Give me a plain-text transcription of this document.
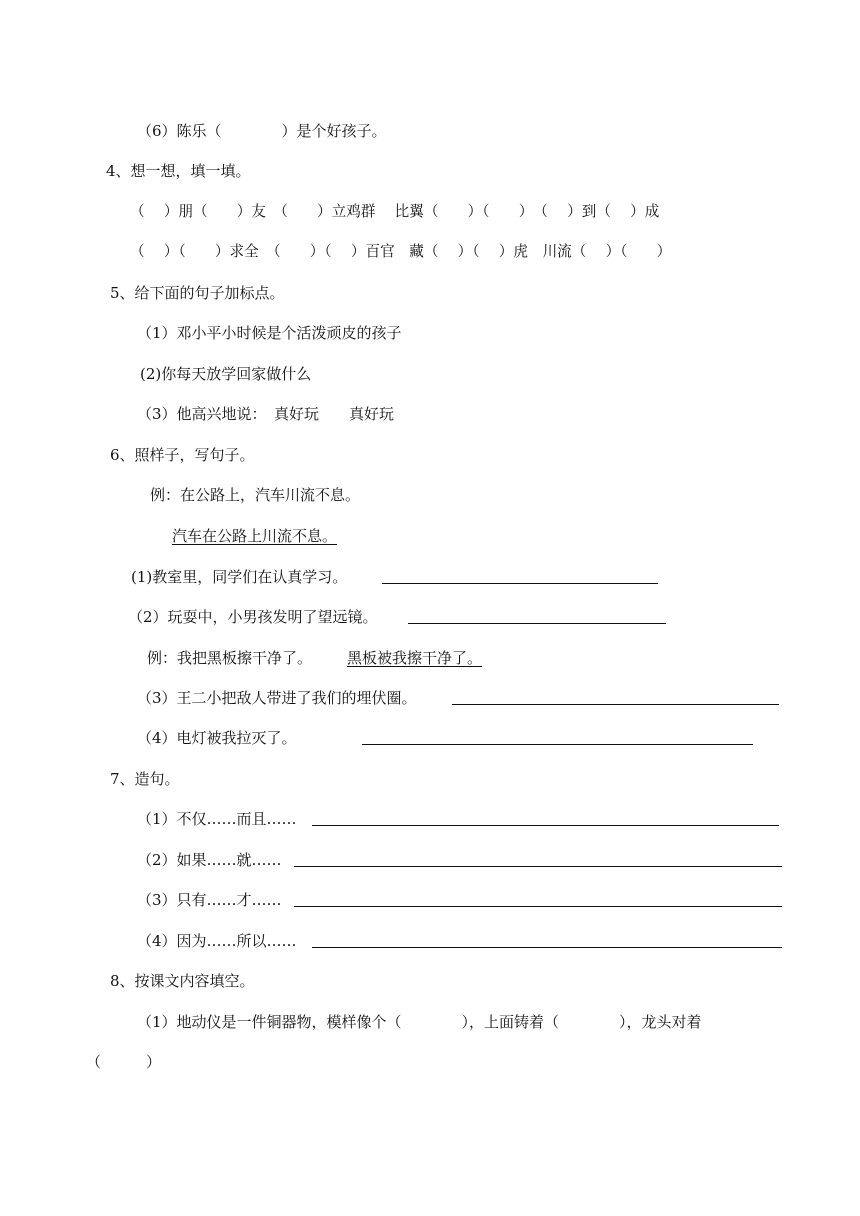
（6）陈乐（　　　　）是个好孩子。
4、想一想，填一填。
（　 ）朋（　　）友　（　　）立鸡群　 比翼（　　）（　　）　（　 ）到（　 ）成
（　 ）（　　）求全　（　　）（　 ）百官　藏（　 ）（　 ）虎　川流（　 ）（　　）
5、给下面的句子加标点。
（1）邓小平小时候是个活泼顽皮的孩子
(2)你每天放学回家做什么
（3）他高兴地说：　真好玩　　真好玩
6、照样子，写句子。
例：在公路上，汽车川流不息。
汽车在公路上川流不息。
(1)教室里，同学们在认真学习。
（2）玩耍中，小男孩发明了望远镜。
例：我把黑板擦干净了。 黑板被我擦干净了。
（3）王二小把敌人带进了我们的埋伏圈。
（4）电灯被我拉灭了。
7、造句。
（1）不仅……而且……
（2）如果……就……
（3）只有……才……
（4）因为……所以……
8、按课文内容填空。
（1）地动仪是一件铜器物，模样像个（　　　　），上面铸着（　　　　），龙头对着
（　　　）
